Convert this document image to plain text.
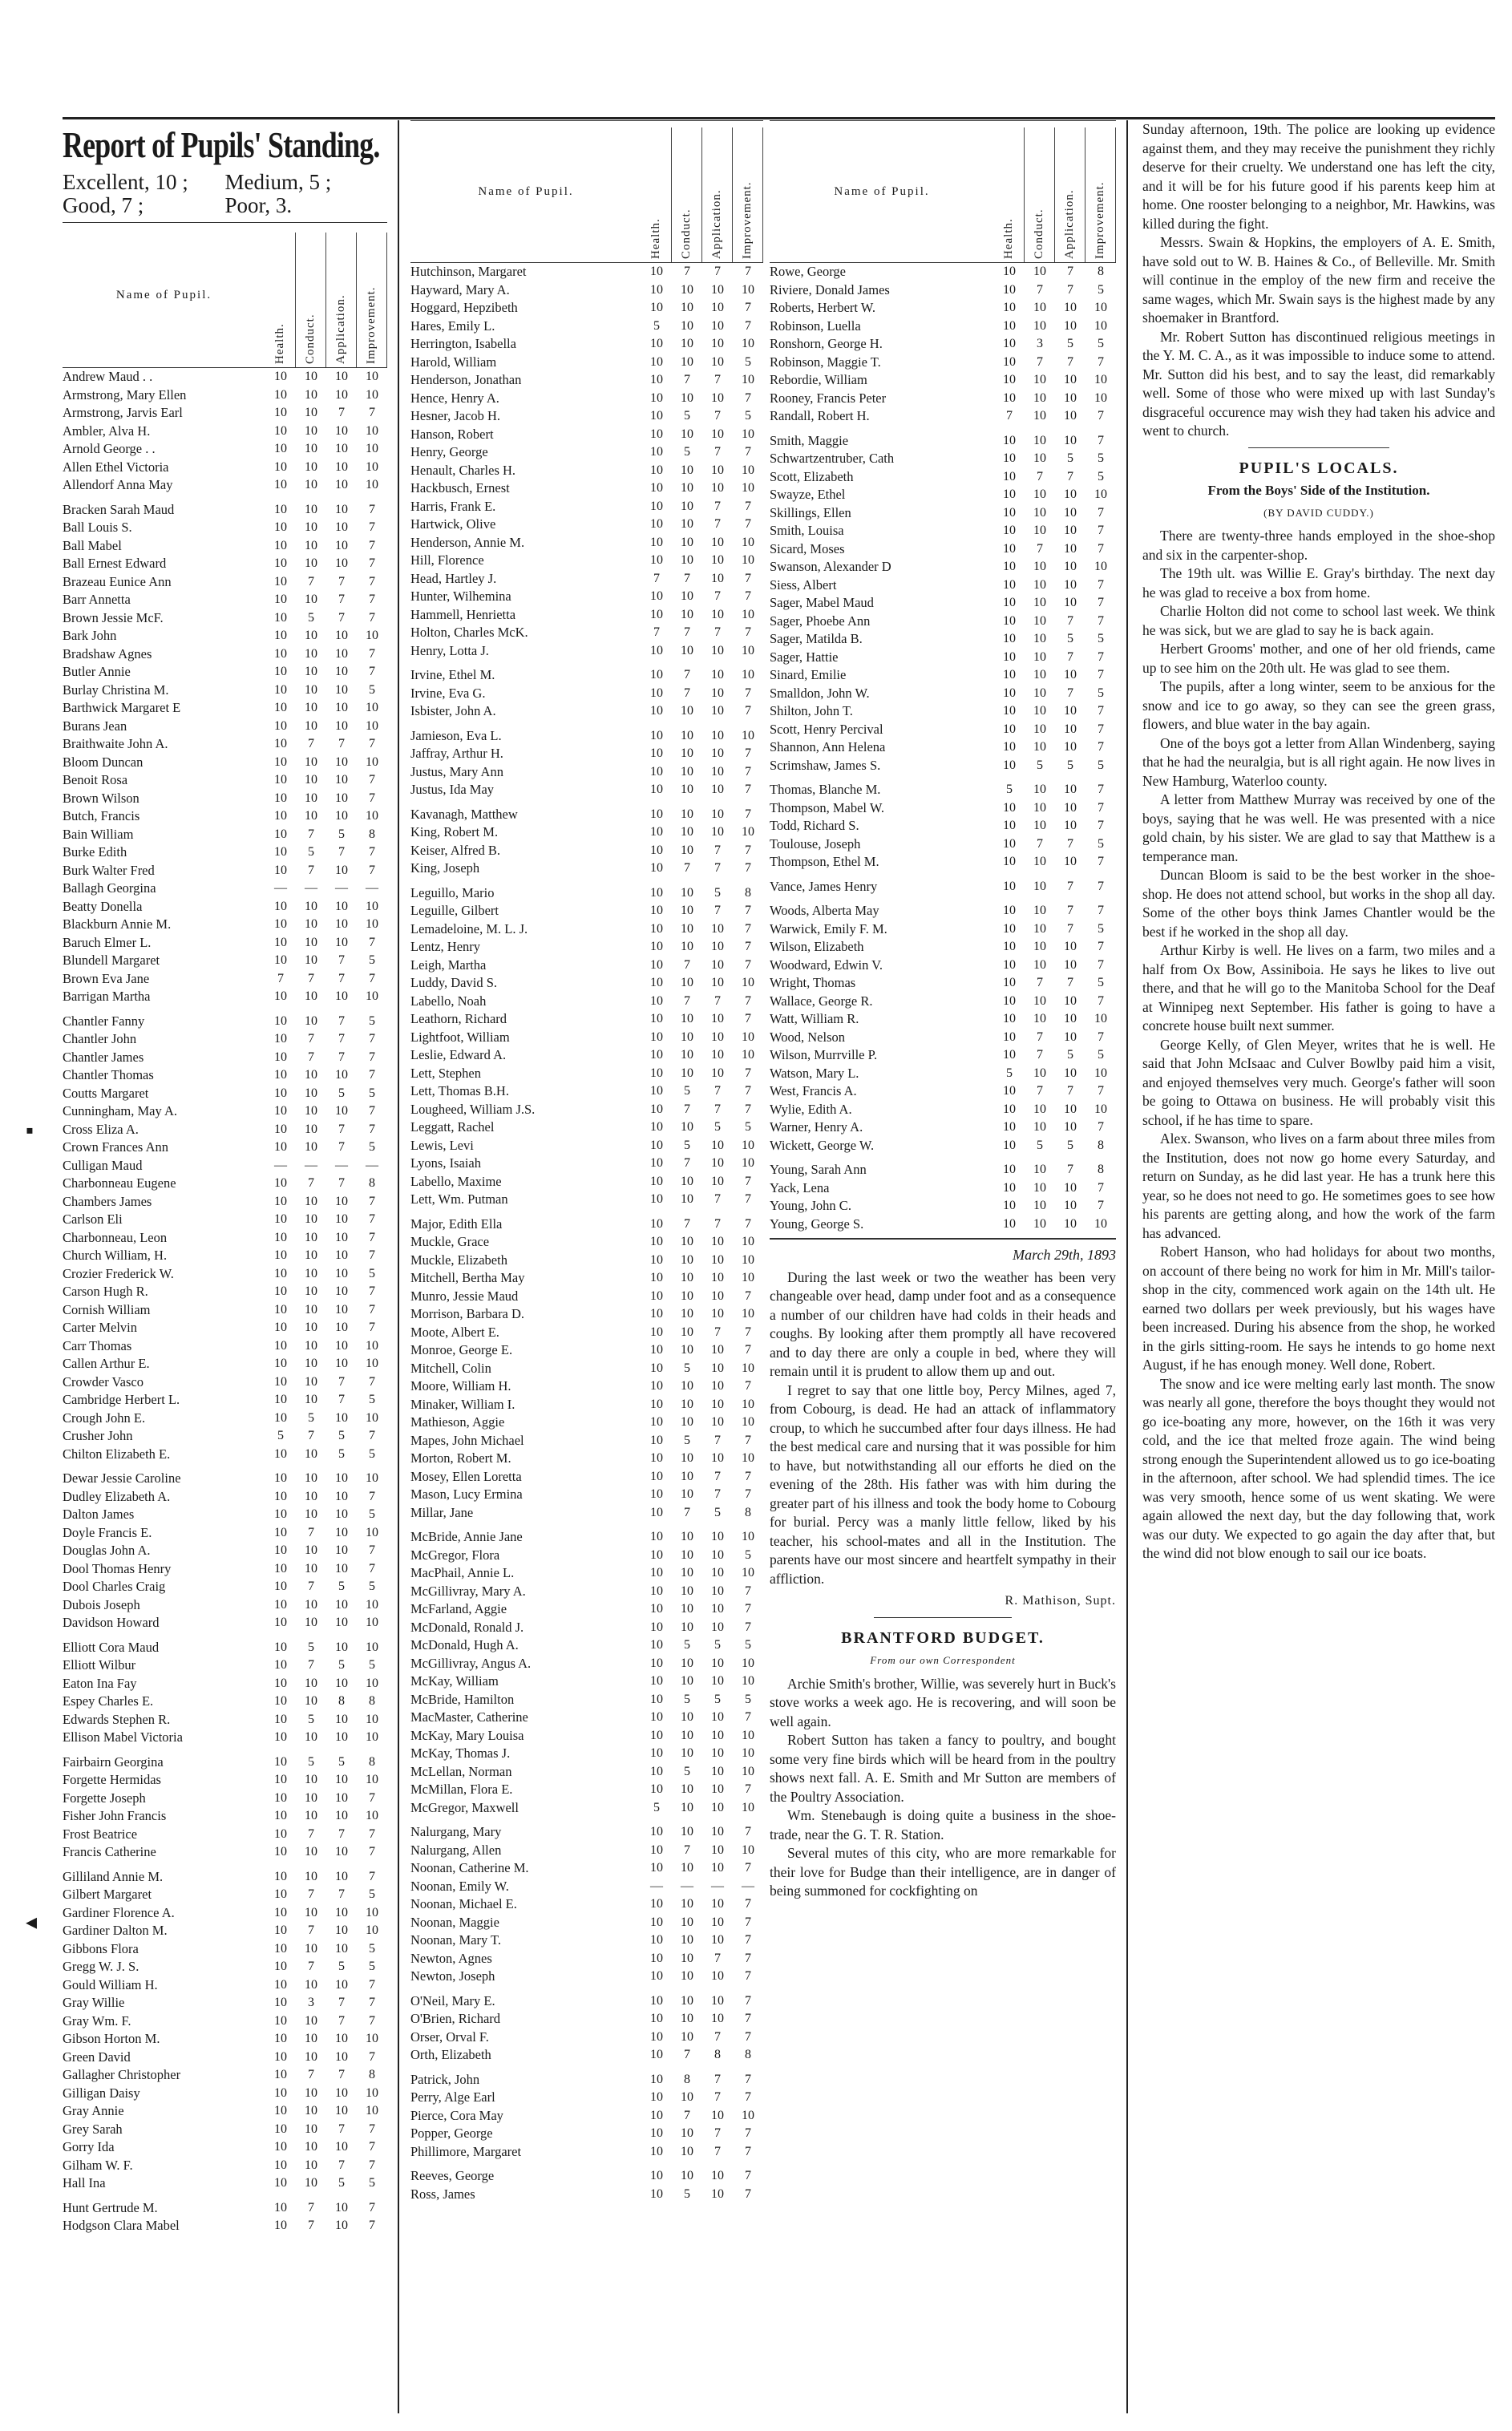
▪
◂
Report of Pupils' Standing.
Excellent, 10 ;	Medium, 5 ;
Good, 7 ;	Poor, 3.
Name of Pupil.
Health.	Conduct.	Application.	Improvement.
Andrew Maud . .	10	10	10	10
Armstrong, Mary Ellen	10	10	10	10
Armstrong, Jarvis Earl	10	10	7	7
Ambler, Alva H.	10	10	10	10
Arnold George . .	10	10	10	10
Allen Ethel Victoria	10	10	10	10
Allendorf Anna May	10	10	10	10
Bracken Sarah Maud	10	10	10	7
Ball Louis S.	10	10	10	7
Ball Mabel	10	10	10	7
Ball Ernest Edward	10	10	10	7
Brazeau Eunice Ann	10	7	7	7
Barr Annetta	10	10	7	7
Brown Jessie McF.	10	5	7	7
Bark John	10	10	10	10
Bradshaw Agnes	10	10	10	7
Butler Annie	10	10	10	7
Burlay Christina M.	10	10	10	5
Barthwick Margaret E	10	10	10	10
Burans Jean	10	10	10	10
Braithwaite John A.	10	7	7	7
Bloom Duncan	10	10	10	10
Benoit Rosa	10	10	10	7
Brown Wilson	10	10	10	7
Butch, Francis	10	10	10	10
Bain William	10	7	5	8
Burke Edith	10	5	7	7
Burk Walter Fred	10	7	10	7
Ballagh Georgina	—	—	—	—
Beatty Donella	10	10	10	10
Blackburn Annie M.	10	10	10	10
Baruch Elmer L.	10	10	10	7
Blundell Margaret	10	10	7	5
Brown Eva Jane	7	7	7	7
Barrigan Martha	10	10	10	10
Chantler Fanny	10	10	7	5
Chantler John	10	7	7	7
Chantler James	10	7	7	7
Chantler Thomas	10	10	10	7
Coutts Margaret	10	10	5	5
Cunningham, May A.	10	10	10	7
Cross Eliza A.	10	10	7	7
Crown Frances Ann	10	10	7	5
Culligan Maud	—	—	—	—
Charbonneau Eugene	10	7	7	8
Chambers James	10	10	10	7
Carlson Eli	10	10	10	7
Charbonneau, Leon	10	10	10	7
Church William, H.	10	10	10	7
Crozier Frederick W.	10	10	10	5
Carson Hugh R.	10	10	10	7
Cornish William	10	10	10	7
Carter Melvin	10	10	10	7
Carr Thomas	10	10	10	10
Callen Arthur E.	10	10	10	10
Crowder Vasco	10	10	7	7
Cambridge Herbert L.	10	10	7	5
Crough John E.	10	5	10	10
Crusher John	5	7	5	7
Chilton Elizabeth E.	10	10	5	5
Dewar Jessie Caroline	10	10	10	10
Dudley Elizabeth A.	10	10	10	7
Dalton James	10	10	10	5
Doyle Francis E.	10	7	10	10
Douglas John A.	10	10	10	7
Dool Thomas Henry	10	10	10	7
Dool Charles Craig	10	7	5	5
Dubois Joseph	10	10	10	10
Davidson Howard	10	10	10	10
Elliott Cora Maud	10	5	10	10
Elliott Wilbur	10	7	5	5
Eaton Ina Fay	10	10	10	10
Espey Charles E.	10	10	8	8
Edwards Stephen R.	10	5	10	10
Ellison Mabel Victoria	10	10	10	10
Fairbairn Georgina	10	5	5	8
Forgette Hermidas	10	10	10	10
Forgette Joseph	10	10	10	7
Fisher John Francis	10	10	10	10
Frost Beatrice	10	7	7	7
Francis Catherine	10	10	10	7
Gilliland Annie M.	10	10	10	7
Gilbert Margaret	10	7	7	5
Gardiner Florence A.	10	10	10	10
Gardiner Dalton M.	10	7	10	10
Gibbons Flora	10	10	10	5
Gregg W. J. S.	10	7	5	5
Gould William H.	10	10	10	7
Gray Willie	10	3	7	7
Gray Wm. F.	10	10	7	7
Gibson Horton M.	10	10	10	10
Green David	10	10	10	7
Gallagher Christopher	10	7	7	8
Gilligan Daisy	10	10	10	10
Gray Annie	10	10	10	10
Grey Sarah	10	10	7	7
Gorry Ida	10	10	10	7
Gilham W. F.	10	10	7	7
Hall Ina	10	10	5	5
Hunt Gertrude M.	10	7	10	7
Hodgson Clara Mabel	10	7	10	7
Name of Pupil.
Health.	Conduct.	Application.	Improvement.
Hutchinson, Margaret	10	7	7	7
Hayward, Mary A.	10	10	10	10
Hoggard, Hepzibeth	10	10	10	7
Hares, Emily L.	5	10	10	7
Herrington, Isabella	10	10	10	10
Harold, William	10	10	10	5
Henderson, Jonathan	10	7	7	10
Hence, Henry A.	10	10	10	7
Hesner, Jacob H.	10	5	7	5
Hanson, Robert	10	10	10	10
Henry, George	10	5	7	7
Henault, Charles H.	10	10	10	10
Hackbusch, Ernest	10	10	10	10
Harris, Frank E.	10	10	7	7
Hartwick, Olive	10	10	7	7
Henderson, Annie M.	10	10	10	10
Hill, Florence	10	10	10	10
Head, Hartley J.	7	7	10	7
Hunter, Wilhemina	10	10	7	7
Hammell, Henrietta	10	10	10	10
Holton, Charles McK.	7	7	7	7
Henry, Lotta J.	10	10	10	10
Irvine, Ethel M.	10	7	10	10
Irvine, Eva G.	10	7	10	7
Isbister, John A.	10	10	10	7
Jamieson, Eva L.	10	10	10	10
Jaffray, Arthur H.	10	10	10	7
Justus, Mary Ann	10	10	10	7
Justus, Ida May	10	10	10	7
Kavanagh, Matthew	10	10	10	7
King, Robert M.	10	10	10	10
Keiser, Alfred B.	10	10	7	7
King, Joseph	10	7	7	7
Leguillo, Mario	10	10	5	8
Leguille, Gilbert	10	10	7	7
Lemadeloine, M. L. J.	10	10	10	7
Lentz, Henry	10	10	10	7
Leigh, Martha	10	7	10	7
Luddy, David S.	10	10	10	10
Labello, Noah	10	7	7	7
Leathorn, Richard	10	10	10	7
Lightfoot, William	10	10	10	10
Leslie, Edward A.	10	10	10	10
Lett, Stephen	10	10	10	7
Lett, Thomas B.H.	10	5	7	7
Lougheed, William J.S.	10	7	7	7
Leggatt, Rachel	10	10	5	5
Lewis, Levi	10	5	10	10
Lyons, Isaiah	10	7	10	10
Labello, Maxime	10	10	10	7
Lett, Wm. Putman	10	10	7	7
Major, Edith Ella	10	7	7	7
Muckle, Grace	10	10	10	10
Muckle, Elizabeth	10	10	10	10
Mitchell, Bertha May	10	10	10	10
Munro, Jessie Maud	10	10	10	7
Morrison, Barbara D.	10	10	10	10
Moote, Albert E.	10	10	7	7
Monroe, George E.	10	10	10	7
Mitchell, Colin	10	5	10	10
Moore, William H.	10	10	10	7
Minaker, William I.	10	10	10	10
Mathieson, Aggie	10	10	10	10
Mapes, John Michael	10	5	7	7
Morton, Robert M.	10	10	10	10
Mosey, Ellen Loretta	10	10	7	7
Mason, Lucy Ermina	10	10	7	7
Millar, Jane	10	7	5	8
McBride, Annie Jane	10	10	10	10
McGregor, Flora	10	10	10	5
MacPhail, Annie L.	10	10	10	10
McGillivray, Mary A.	10	10	10	7
McFarland, Aggie	10	10	10	7
McDonald, Ronald J.	10	10	10	7
McDonald, Hugh A.	10	5	5	5
McGillivray, Angus A.	10	10	10	10
McKay, William	10	10	10	10
McBride, Hamilton	10	5	5	5
MacMaster, Catherine	10	10	10	7
McKay, Mary Louisa	10	10	10	10
McKay, Thomas J.	10	10	10	10
McLellan, Norman	10	5	10	10
McMillan, Flora E.	10	10	10	7
McGregor, Maxwell	5	10	10	10
Nalurgang, Mary	10	10	10	7
Nalurgang, Allen	10	7	10	10
Noonan, Catherine M.	10	10	10	7
Noonan, Emily W.	—	—	—	—
Noonan, Michael E.	10	10	10	7
Noonan, Maggie	10	10	10	7
Noonan, Mary T.	10	10	10	7
Newton, Agnes	10	10	7	7
Newton, Joseph	10	10	10	7
O'Neil, Mary E.	10	10	10	7
O'Brien, Richard	10	10	10	7
Orser, Orval F.	10	10	7	7
Orth, Elizabeth	10	7	8	8
Patrick, John	10	8	7	7
Perry, Alge Earl	10	10	7	7
Pierce, Cora May	10	7	10	10
Popper, George	10	10	7	7
Phillimore, Margaret	10	10	7	7
Reeves, George	10	10	10	7
Ross, James	10	5	10	7
Name of Pupil.
Health.	Conduct.	Application.	Improvement.
Rowe, George	10	10	7	8
Riviere, Donald James	10	7	7	5
Roberts, Herbert W.	10	10	10	10
Robinson, Luella	10	10	10	10
Ronshorn, George H.	10	3	5	5
Robinson, Maggie T.	10	7	7	7
Rebordie, William	10	10	10	10
Rooney, Francis Peter	10	10	10	10
Randall, Robert H.	7	10	10	7
Smith, Maggie	10	10	10	7
Schwartzentruber, Cath	10	10	5	5
Scott, Elizabeth	10	7	7	5
Swayze, Ethel	10	10	10	10
Skillings, Ellen	10	10	10	7
Smith, Louisa	10	10	10	7
Sicard, Moses	10	7	10	7
Swanson, Alexander D	10	10	10	10
Siess, Albert	10	10	10	7
Sager, Mabel Maud	10	10	10	7
Sager, Phoebe Ann	10	10	7	7
Sager, Matilda B.	10	10	5	5
Sager, Hattie	10	10	7	7
Sinard, Emilie	10	10	10	7
Smalldon, John W.	10	10	7	5
Shilton, John T.	10	10	10	7
Scott, Henry Percival	10	10	10	7
Shannon, Ann Helena	10	10	10	7
Scrimshaw, James S.	10	5	5	5
Thomas, Blanche M.	5	10	10	7
Thompson, Mabel W.	10	10	10	7
Todd, Richard S.	10	10	10	7
Toulouse, Joseph	10	7	7	5
Thompson, Ethel M.	10	10	10	7
Vance, James Henry	10	10	7	7
Woods, Alberta May	10	10	7	7
Warwick, Emily F. M.	10	10	7	5
Wilson, Elizabeth	10	10	10	7
Woodward, Edwin V.	10	10	10	7
Wright, Thomas	10	7	7	5
Wallace, George R.	10	10	10	7
Watt, William R.	10	10	10	10
Wood, Nelson	10	7	10	7
Wilson, Murrville P.	10	7	5	5
Watson, Mary L.	5	10	10	10
West, Francis A.	10	7	7	7
Wylie, Edith A.	10	10	10	10
Warner, Henry A.	10	10	10	7
Wickett, George W.	10	5	5	8
Young, Sarah Ann	10	10	7	8
Yack, Lena	10	10	10	7
Young, John C.	10	10	10	7
Young, George S.	10	10	10	10
March 29th, 1893

During the last week or two the weather has been very changeable over head, damp under foot and as a consequence a number of our children have had colds in their heads and coughs. By looking after them promptly all have recovered and to day there are only a couple in bed, where they will remain until it is prudent to allow them up and out.

I regret to say that one little boy, Percy Milnes, aged 7, from Cobourg, is dead. He had an attack of inflammatory croup, to which he succumbed after four days illness. He had the best medical care and nursing that it was possible for him to have, but notwithstanding all our efforts he died on the evening of the 28th. His father was with him during the greater part of his illness and took the body home to Cobourg for burial. Percy was a manly little fellow, liked by his teacher, his school-mates and all in the Institution. The parents have our most sincere and heartfelt sympathy in their affliction.

R. Mathison, Supt.
BRANTFORD BUDGET.
From our own Correspondent

Archie Smith's brother, Willie, was severely hurt in Buck's stove works a week ago. He is recovering, and will soon be well again.

Robert Sutton has taken a fancy to poultry, and bought some very fine birds which will be heard from in the poultry shows next fall. A. E. Smith and Mr Sutton are members of the Poultry Association.

Wm. Stenebaugh is doing quite a business in the shoe-trade, near the G. T. R. Station.

Several mutes of this city, who are more remarkable for their love for Budge than their intelligence, are in danger of being summoned for cockfighting on

Sunday afternoon, 19th. The police are looking up evidence against them, and they may receive the punishment they richly deserve for their cruelty. We understand one has left the city, and it will be for his future good if his parents keep him at home. One rooster belonging to a neighbor, Mr. Hawkins, was killed during the fight.

Messrs. Swain & Hopkins, the employers of A. E. Smith, have sold out to W. B. Haines & Co., of Belleville. Mr. Smith will continue in the employ of the new firm and receive the same wages, which Mr. Swain says is the highest made by any shoemaker in Brantford.

Mr. Robert Sutton has discontinued religious meetings in the Y. M. C. A., as it was impossible to induce some to attend. Mr. Sutton did his best, and to say the least, did remarkably well. Some of those who were mixed up with last Sunday's disgraceful occurence may wish they had taken his advice and went to church.

PUPIL'S LOCALS.
From the Boys' Side of the Institution.
(BY DAVID CUDDY.)

There are twenty-three hands employed in the shoe-shop and six in the carpenter-shop.

The 19th ult. was Willie E. Gray's birthday. The next day he was glad to receive a box from home.

Charlie Holton did not come to school last week. We think he was sick, but we are glad to say he is back again.

Herbert Grooms' mother, and one of her old friends, came up to see him on the 20th ult. He was glad to see them.

The pupils, after a long winter, seem to be anxious for the snow and ice to go away, so they can see the green grass, flowers, and blue water in the bay again.

One of the boys got a letter from Allan Windenberg, saying that he had the neuralgia, but is all right again. He now lives in New Hamburg, Waterloo county.

A letter from Matthew Murray was received by one of the boys, saying that he was well. He was presented with a nice gold chain, by his sister. We are glad to say that Matthew is a temperance man.

Duncan Bloom is said to be the best worker in the shoe-shop. He does not attend school, but works in the shop all day. Some of the other boys think James Chantler would be the best if he worked in the shop all day.

Arthur Kirby is well. He lives on a farm, two miles and a half from Ox Bow, Assiniboia. He says he likes to live out there, and that he will go to the Manitoba School for the Deaf at Winnipeg next September. His father is going to have a concrete house built next summer.

George Kelly, of Glen Meyer, writes that he is well. He said that John McIsaac and Culver Bowlby paid him a visit, and enjoyed themselves very much. George's father will soon be going to Ottawa on business. He will probably visit this school, if he has time to spare.

Alex. Swanson, who lives on a farm about three miles from the Institution, does not now go home every Saturday, and return on Sunday, as he did last year. He has a trunk here this year, so he does not need to go. He sometimes goes to see how his parents are getting along, and how the work of the farm has advanced.

Robert Hanson, who had holidays for about two months, on account of there being no work for him in Mr. Mill's tailor-shop in the city, commenced work again on the 14th ult. He earned two dollars per week previously, but his wages have been increased. During his absence from the shop, he worked in the girls sitting-room. He says he intends to go home next August, if he has enough money. Well done, Robert.

The snow and ice were melting early last month. The snow was nearly all gone, therefore the boys thought they would not go ice-boating any more, however, on the 16th it was very cold, and the ice that melted froze again. The wind being strong enough the Superintendent allowed us to go ice-boating in the afternoon, after school. We had splendid times. The ice was very smooth, hence some of us went skating. We were again allowed the next day, but the day following that, work was our duty. We expected to go again the day after that, but the wind did not blow enough to sail our ice boats.
